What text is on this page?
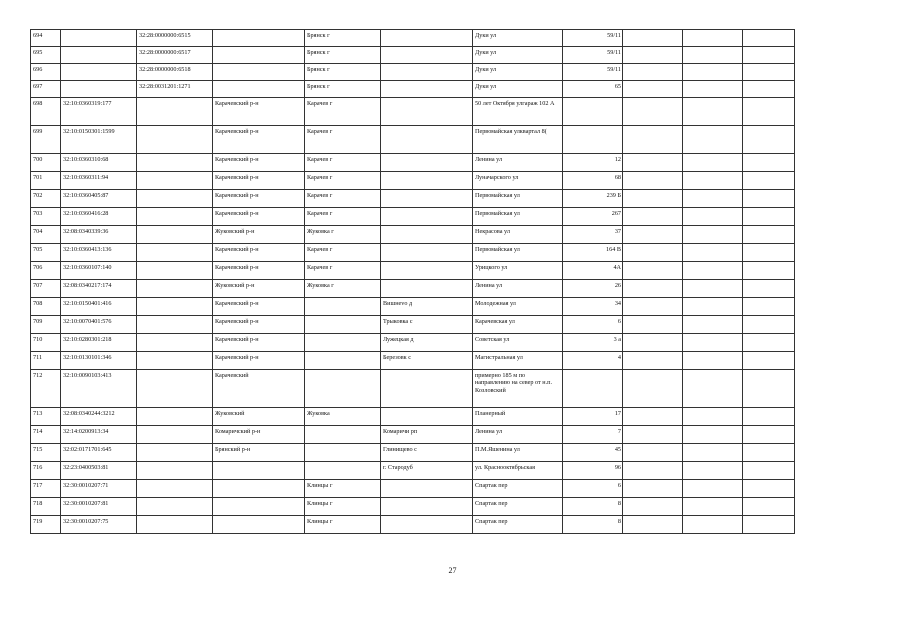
694		32:28:0000000:6515		Брянск г		Дуки ул	59/11			
695		32:28:0000000:6517		Брянск г		Дуки ул	59/11			
696		32:28:0000000:6518		Брянск г		Дуки ул	59/11			
697		32:28:0031201:1271		Брянск г		Дуки ул	65			
698	32:10:0360319:177		Карачевский р-н	Карачев г		50 лет Октября улгараж 102 А				
699	32:10:0150301:1599		Карачевский р-н	Карачев г		Первомайская улквартал 8(				
700	32:10:0360310:68		Карачевский р-н	Карачев г		Ленина ул	12			
701	32:10:0360311:94		Карачевский р-н	Карачев г		Луначарского ул	68			
702	32:10:0360405:87		Карачевский р-н	Карачев г		Первомайская ул	239 Б			
703	32:10:0360416:28		Карачевский р-н	Карачев г		Первомайская ул	267			
704	32:08:0340339:36		Жуковский р-н	Жуковка г		Некрасова ул	37			
705	32:10:0360413:136		Карачевский р-н	Карачев г		Первомайская ул	164 В			
706	32:10:0360107:140		Карачевский р-н	Карачев г		Урицкого ул	4А			
707	32:08:0340217:174		Жуковский р-н	Жуковка г		Ленина ул	26			
708	32:10:0150401:416		Карачевский р-н		Вишнevo д	Молодежная ул	34			
709	32:10:0070401:576		Карачевский р-н		Трыковка с	Карачевская ул	6			
710	32:10:0280301:218		Карачевский р-н		Лужецкая д	Советская ул	3 а			
711	32:10:0130101:346		Карачевский р-н		Березовк с	Магистральная ул	4			
712	32:10:0090103:413		Карачевский			примерно 185 м по направлению на север от н.п. Козловский				
713	32:08:0340244:3212		Жуковский	Жуковка		Планерный	17			
714	32:14:0200913:34		Комаричский р-н		Комаричи рп	Ленина ул	7			
715	32:02:0171701:645		Брянский р-н		Глинищево с	П.М.Яшенина ул	45			
716	32:23:0400503:81				г. Стародуб	ул. Красноoктябрьская	96			
717	32:30:0010207:71			Клинцы г		Спартак пер	6			
718	32:30:0010207:81			Клинцы г		Спартак пер	8			
719	32:30:0010207:75			Клинцы г		Спартак пер	8			
27
